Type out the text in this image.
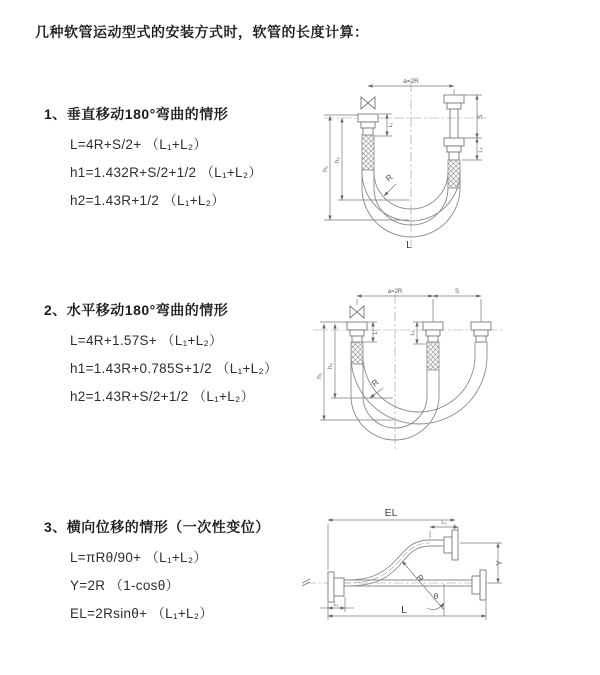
几种软管运动型式的安装方式时，软管的长度计算：
1、垂直移动180°弯曲的情形
L=4R+S/2+ （L₁+L₂）
h1=1.432R+S/2+1/2 （L₁+L₂）
h2=1.43R+1/2 （L₁+L₂）
a=2R
h₁
h₂
L₁
S
L₂
R
L
2、水平移动180°弯曲的情形
L=4R+1.57S+ （L₁+L₂）
h1=1.43R+0.785S+1/2 （L₁+L₂）
h2=1.43R+S/2+1/2 （L₁+L₂）
a=2R	S
h₁
h₂
L₁	L₂
R
3、横向位移的情形（一次性变位）
L=πRθ/90+ （L₁+L₂）
Y=2R （1-cosθ）
EL=2Rsinθ+ （L₁+L₂）
EL
L₂
Y
R
θ
L₁	L
